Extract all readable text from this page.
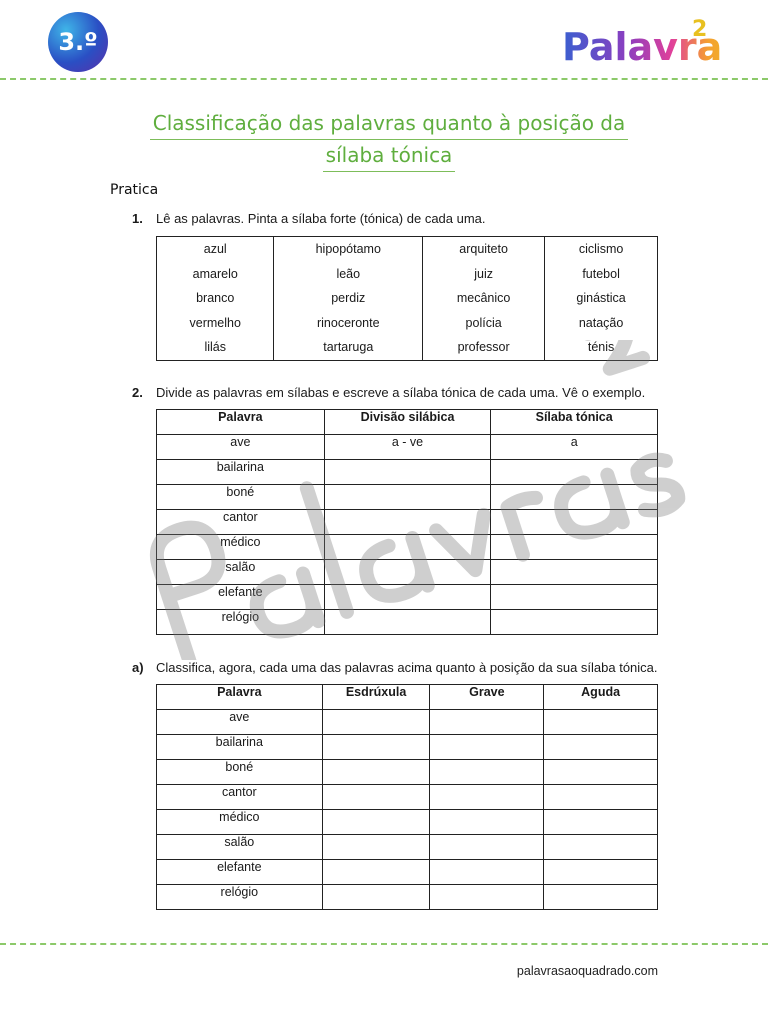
3.º	Palavra
2
Classificação das palavras quanto à posição da
sílaba tónica
Pratica
1. Lê as palavras. Pinta a sílaba forte (tónica) de cada uma.
azul	hipopótamo	arquiteto	ciclismo
amarelo	leão	juiz	futebol
branco	perdiz	mecânico	ginástica
vermelho	rinoceronte	polícia	natação
lilás	tartaruga	professor	ténis
2. Divide as palavras em sílabas e escreve a sílaba tónica de cada uma. Vê o exemplo.
Palavra	Divisão silábica	Sílaba tónica
ave	a - ve	a
bailarina		
boné		
cantor		
médico		
salão		
elefante		
relógio		
a) Classifica, agora, cada uma das palavras acima quanto à posição da sua sílaba tónica.
Palavra	Esdrúxula	Grave	Aguda
ave			
bailarina			
boné			
cantor			
médico			
salão			
elefante			
relógio			
palavrasaoquadrado.com
